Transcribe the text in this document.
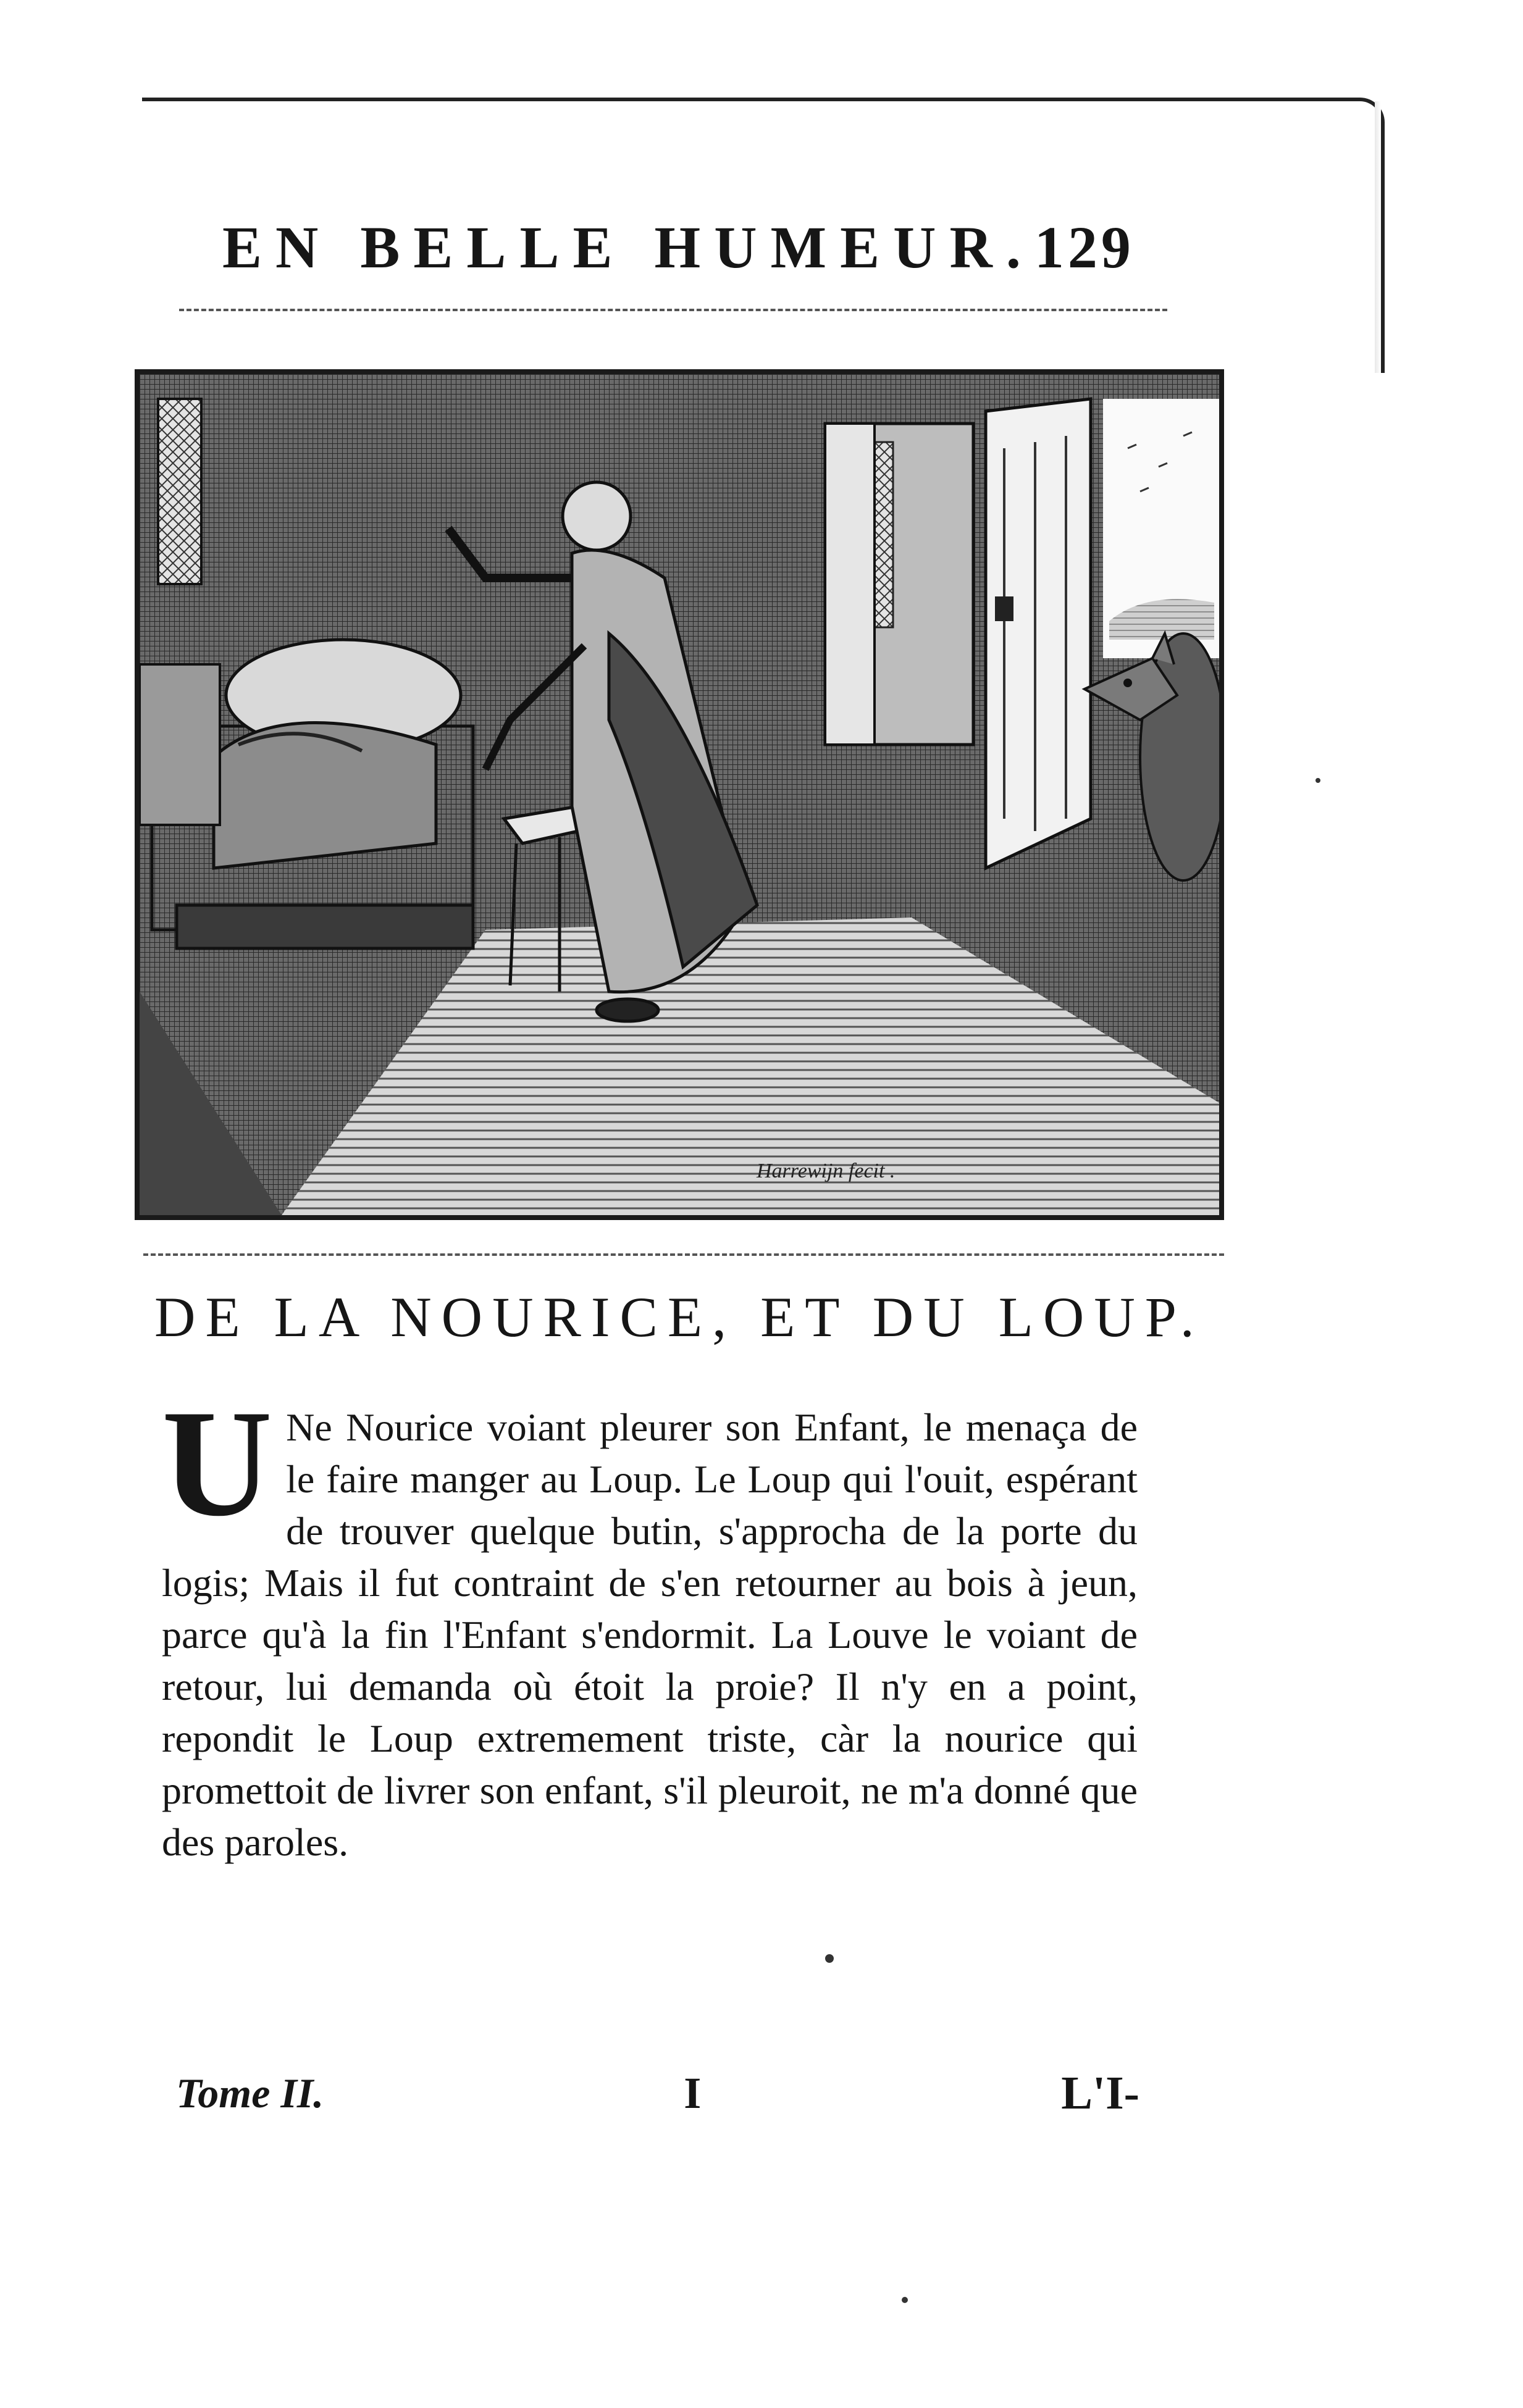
EN BELLE HUMEUR. 129
Harrewijn fecit .
DE LA NOURICE, ET DU LOUP.
U Ne Nourice voiant pleurer son Enfant, le menaça de le faire manger au Loup. Le Loup qui l'ouit, espérant de trouver quelque butin, s'approcha de la porte du logis; Mais il fut contraint de s'en retourner au bois à jeun, parce qu'à la fin l'Enfant s'endormit. La Louve le voiant de retour, lui demanda où étoit la proie? Il n'y en a point, repondit le Loup extremement triste, càr la nourice qui promettoit de livrer son enfant, s'il pleuroit, ne m'a donné que des paroles.
Tome II.	I	L'I-
